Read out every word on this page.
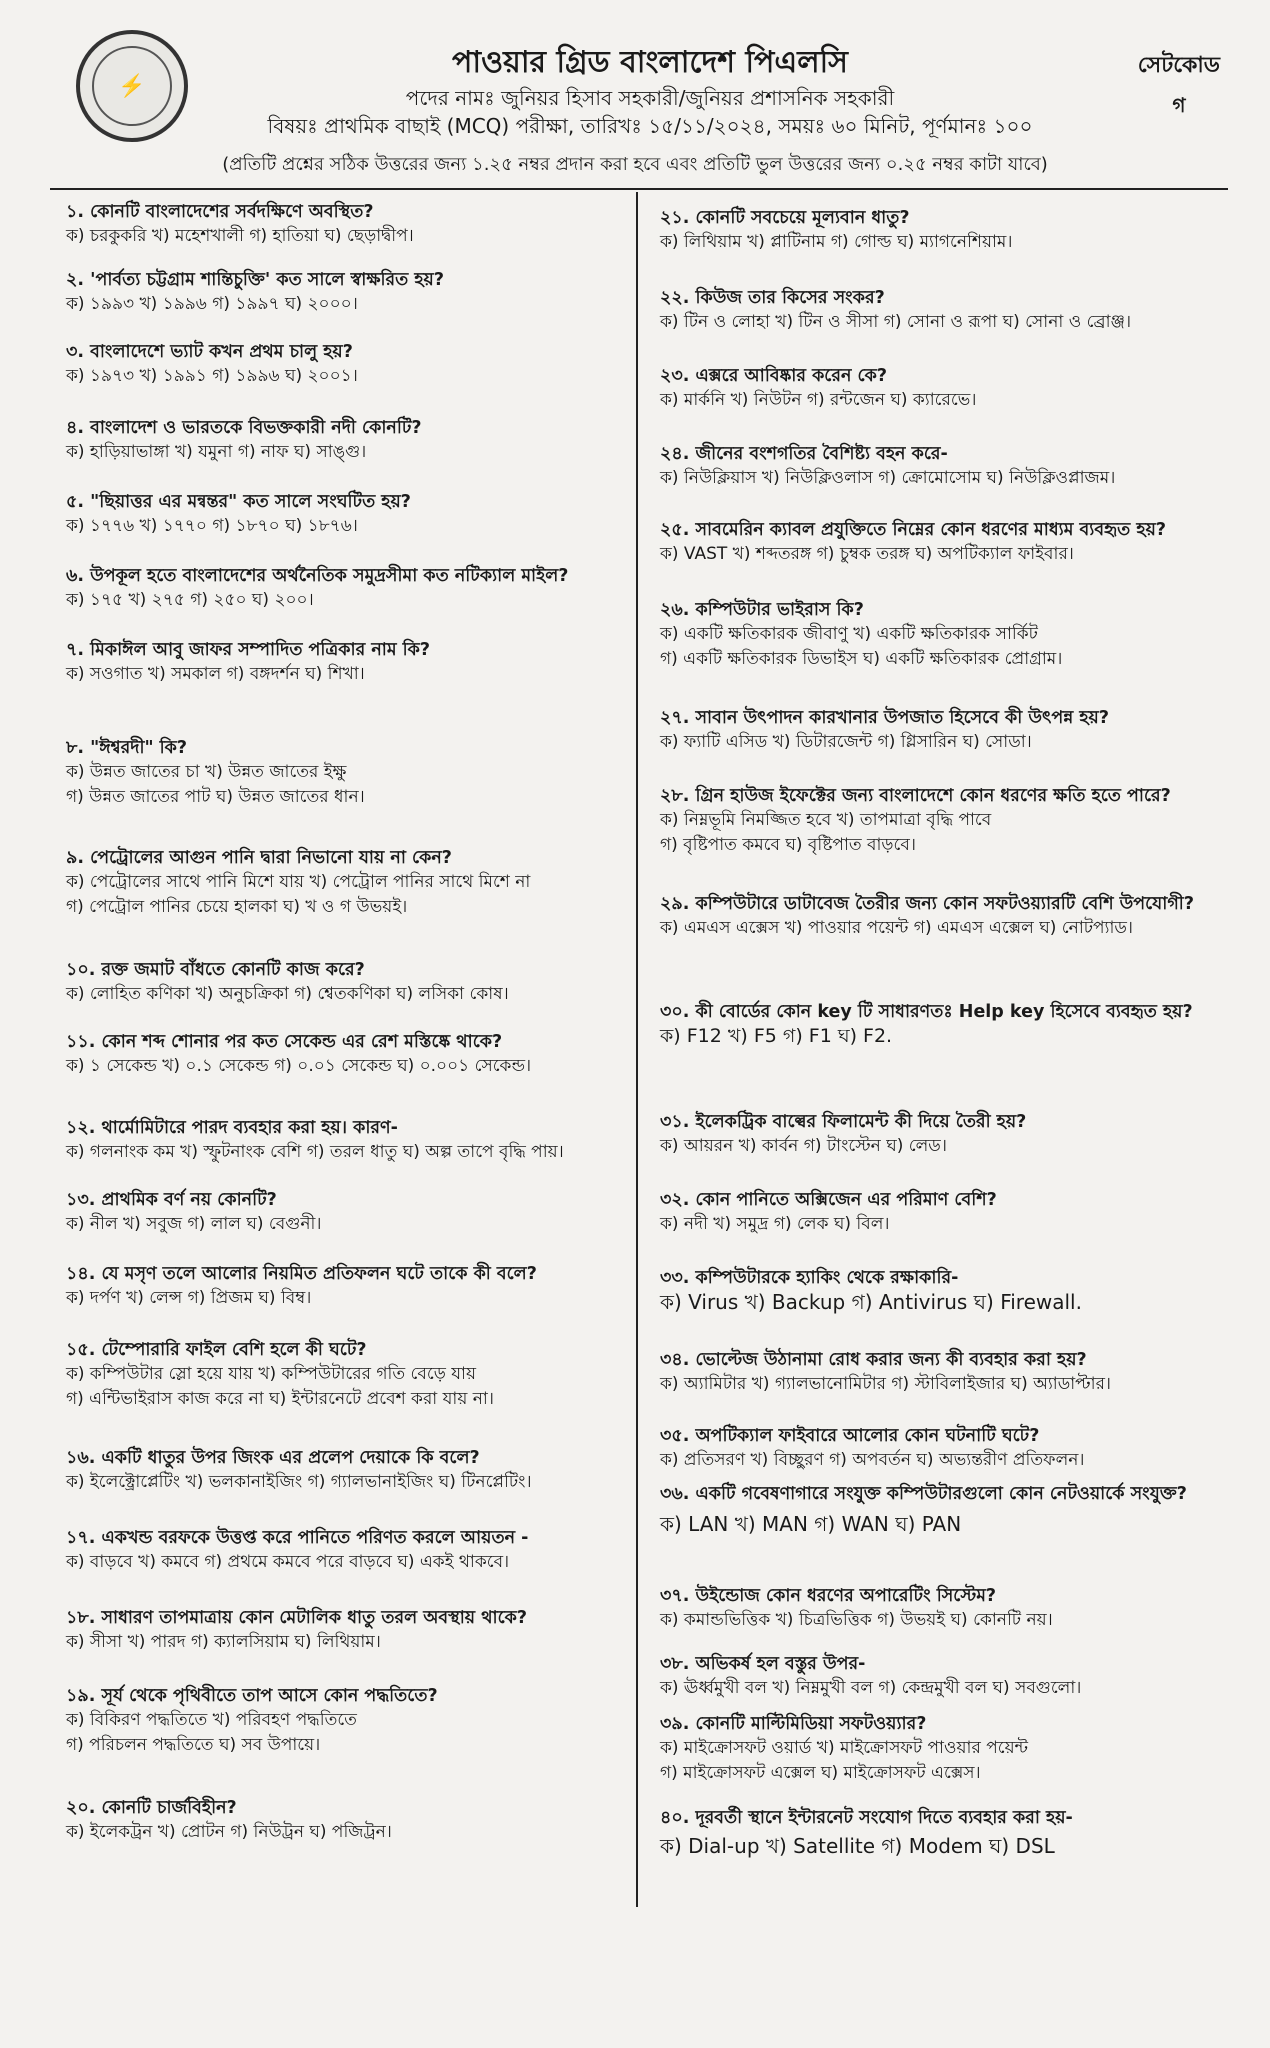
⚡
পাওয়ার গ্রিড বাংলাদেশ পিএলসি
পদের নামঃ জুনিয়র হিসাব সহকারী/জুনিয়র প্রশাসনিক সহকারী
বিষয়ঃ প্রাথমিক বাছাই (MCQ) পরীক্ষা, তারিখঃ ১৫/১১/২০২৪, সময়ঃ ৬০ মিনিট, পূর্ণমানঃ ১০০
(প্রতিটি প্রশ্নের সঠিক উত্তরের জন্য ১.২৫ নম্বর প্রদান করা হবে এবং প্রতিটি ভুল উত্তরের জন্য ০.২৫ নম্বর কাটা যাবে)
সেটকোড
গ
১. কোনটি বাংলাদেশের সর্বদক্ষিণে অবস্থিত?
ক) চরকুকরি খ) মহেশখালী গ) হাতিয়া ঘ) ছেড়াদ্বীপ।
২. 'পার্বত্য চট্টগ্রাম শান্তিচুক্তি' কত সালে স্বাক্ষরিত হয়?
ক) ১৯৯৩ খ) ১৯৯৬ গ) ১৯৯৭ ঘ) ২০০০।
৩. বাংলাদেশে ভ্যাট কখন প্রথম চালু হয়?
ক) ১৯৭৩ খ) ১৯৯১ গ) ১৯৯৬ ঘ) ২০০১।
৪. বাংলাদেশ ও ভারতকে বিভক্তকারী নদী কোনটি?
ক) হাড়িয়াভাঙ্গা খ) যমুনা গ) নাফ ঘ) সাঙ্গু।
৫. "ছিয়াত্তর এর মন্বন্তর" কত সালে সংঘটিত হয়?
ক) ১৭৭৬ খ) ১৭৭০ গ) ১৮৭০ ঘ) ১৮৭৬।
৬. উপকূল হতে বাংলাদেশের অর্থনৈতিক সমুদ্রসীমা কত নটিক্যাল মাইল?
ক) ১৭৫ খ) ২৭৫ গ) ২৫০ ঘ) ২০০।
৭. মিকাঈল আবু জাফর সম্পাদিত পত্রিকার নাম কি?
ক) সওগাত খ) সমকাল গ) বঙ্গদর্শন ঘ) শিখা।
৮. "ঈশ্বরদী" কি?
ক) উন্নত জাতের চা খ) উন্নত জাতের ইক্ষু
গ) উন্নত জাতের পাট ঘ) উন্নত জাতের ধান।
৯. পেট্রোলের আগুন পানি দ্বারা নিভানো যায় না কেন?
ক) পেট্রোলের সাথে পানি মিশে যায় খ) পেট্রোল পানির সাথে মিশে না
গ) পেট্রোল পানির চেয়ে হালকা ঘ) খ ও গ উভয়ই।
১০. রক্ত জমাট বাঁধতে কোনটি কাজ করে?
ক) লোহিত কণিকা খ) অনুচক্রিকা গ) শ্বেতকণিকা ঘ) লসিকা কোষ।
১১. কোন শব্দ শোনার পর কত সেকেন্ড এর রেশ মস্তিষ্কে থাকে?
ক) ১ সেকেন্ড খ) ০.১ সেকেন্ড গ) ০.০১ সেকেন্ড ঘ) ০.০০১ সেকেন্ড।
১২. থার্মোমিটারে পারদ ব্যবহার করা হয়। কারণ-
ক) গলনাংক কম খ) স্ফুটনাংক বেশি গ) তরল ধাতু ঘ) অল্প তাপে বৃদ্ধি পায়।
১৩. প্রাথমিক বর্ণ নয় কোনটি?
ক) নীল খ) সবুজ গ) লাল ঘ) বেগুনী।
১৪. যে মসৃণ তলে আলোর নিয়মিত প্রতিফলন ঘটে তাকে কী বলে?
ক) দর্পণ খ) লেন্স গ) প্রিজম ঘ) বিম্ব।
১৫. টেম্পোরারি ফাইল বেশি হলে কী ঘটে?
ক) কম্পিউটার স্লো হয়ে যায় খ) কম্পিউটারের গতি বেড়ে যায়
গ) এন্টিভাইরাস কাজ করে না ঘ) ইন্টারনেটে প্রবেশ করা যায় না।
১৬. একটি ধাতুর উপর জিংক এর প্রলেপ দেয়াকে কি বলে?
ক) ইলেক্ট্রোপ্লেটিং খ) ভলকানাইজিং গ) গ্যালভানাইজিং ঘ) টিনপ্লেটিং।
১৭. একখন্ড বরফকে উত্তপ্ত করে পানিতে পরিণত করলে আয়তন -
ক) বাড়বে খ) কমবে গ) প্রথমে কমবে পরে বাড়বে ঘ) একই থাকবে।
১৮. সাধারণ তাপমাত্রায় কোন মেটালিক ধাতু তরল অবস্থায় থাকে?
ক) সীসা খ) পারদ গ) ক্যালসিয়াম ঘ) লিথিয়াম।
১৯. সূর্য থেকে পৃথিবীতে তাপ আসে কোন পদ্ধতিতে?
ক) বিকিরণ পদ্ধতিতে খ) পরিবহণ পদ্ধতিতে
গ) পরিচলন পদ্ধতিতে ঘ) সব উপায়ে।
২০. কোনটি চার্জবিহীন?
ক) ইলেকট্রন খ) প্রোটন গ) নিউট্রন ঘ) পজিট্রন।
২১. কোনটি সবচেয়ে মূল্যবান ধাতু?
ক) লিথিয়াম খ) প্লাটিনাম গ) গোল্ড ঘ) ম্যাগনেশিয়াম।
২২. কিউজ তার কিসের সংকর?
ক) টিন ও লোহা খ) টিন ও সীসা গ) সোনা ও রূপা ঘ) সোনা ও ব্রোঞ্জ।
২৩. এক্সরে আবিষ্কার করেন কে?
ক) মার্কনি খ) নিউটন গ) রন্টজেন ঘ) ক্যারেভে।
২৪. জীনের বংশগতির বৈশিষ্ট্য বহন করে-
ক) নিউক্লিয়াস খ) নিউক্লিওলাস গ) ক্রোমোসোম ঘ) নিউক্লিওপ্লাজম।
২৫. সাবমেরিন ক্যাবল প্রযুক্তিতে নিম্নের কোন ধরণের মাধ্যম ব্যবহৃত হয়?
ক) VAST খ) শব্দতরঙ্গ গ) চুম্বক তরঙ্গ ঘ) অপটিক্যাল ফাইবার।
২৬. কম্পিউটার ভাইরাস কি?
ক) একটি ক্ষতিকারক জীবাণু খ) একটি ক্ষতিকারক সার্কিট
গ) একটি ক্ষতিকারক ডিভাইস ঘ) একটি ক্ষতিকারক প্রোগ্রাম।
২৭. সাবান উৎপাদন কারখানার উপজাত হিসেবে কী উৎপন্ন হয়?
ক) ফ্যাটি এসিড খ) ডিটারজেন্ট গ) গ্লিসারিন ঘ) সোডা।
২৮. গ্রিন হাউজ ইফেক্টের জন্য বাংলাদেশে কোন ধরণের ক্ষতি হতে পারে?
ক) নিম্নভূমি নিমজ্জিত হবে খ) তাপমাত্রা বৃদ্ধি পাবে
গ) বৃষ্টিপাত কমবে ঘ) বৃষ্টিপাত বাড়বে।
২৯. কম্পিউটারে ডাটাবেজ তৈরীর জন্য কোন সফটওয়্যারটি বেশি উপযোগী?
ক) এমএস এক্সেস খ) পাওয়ার পয়েন্ট গ) এমএস এক্সেল ঘ) নোটপ্যাড।
৩০. কী বোর্ডের কোন key টি সাধারণতঃ Help key হিসেবে ব্যবহৃত হয়?
ক) F12 খ) F5 গ) F1 ঘ) F2.
৩১. ইলেকট্রিক বাল্বের ফিলামেন্ট কী দিয়ে তৈরী হয়?
ক) আয়রন খ) কার্বন গ) টাংস্টেন ঘ) লেড।
৩২. কোন পানিতে অক্সিজেন এর পরিমাণ বেশি?
ক) নদী খ) সমুদ্র গ) লেক ঘ) বিল।
৩৩. কম্পিউটারকে হ্যাকিং থেকে রক্ষাকারি-
ক) Virus খ) Backup গ) Antivirus ঘ) Firewall.
৩৪. ভোল্টেজ উঠানামা রোধ করার জন্য কী ব্যবহার করা হয়?
ক) অ্যামিটার খ) গ্যালভানোমিটার গ) স্টাবিলাইজার ঘ) অ্যাডাপ্টার।
৩৫. অপটিক্যাল ফাইবারে আলোর কোন ঘটনাটি ঘটে?
ক) প্রতিসরণ খ) বিচ্ছুরণ গ) অপবর্তন ঘ) অভ্যন্তরীণ প্রতিফলন।
৩৬. একটি গবেষণাগারে সংযুক্ত কম্পিউটারগুলো কোন নেটওয়ার্কে সংযুক্ত?
ক) LAN খ) MAN গ) WAN ঘ) PAN
৩৭. উইন্ডোজ কোন ধরণের অপারেটিং সিস্টেম?
ক) কমান্ডভিত্তিক খ) চিত্রভিত্তিক গ) উভয়ই ঘ) কোনটি নয়।
৩৮. অভিকর্ষ হল বস্তুর উপর-
ক) ঊর্ধ্বমুখী বল খ) নিম্নমুখী বল গ) কেন্দ্রমুখী বল ঘ) সবগুলো।
৩৯. কোনটি মাল্টিমিডিয়া সফটওয়্যার?
ক) মাইক্রোসফট ওয়ার্ড খ) মাইক্রোসফট পাওয়ার পয়েন্ট
গ) মাইক্রোসফট এক্সেল ঘ) মাইক্রোসফট এক্সেস।
৪০. দূরবর্তী স্থানে ইন্টারনেট সংযোগ দিতে ব্যবহার করা হয়-
ক) Dial-up খ) Satellite গ) Modem ঘ) DSL
